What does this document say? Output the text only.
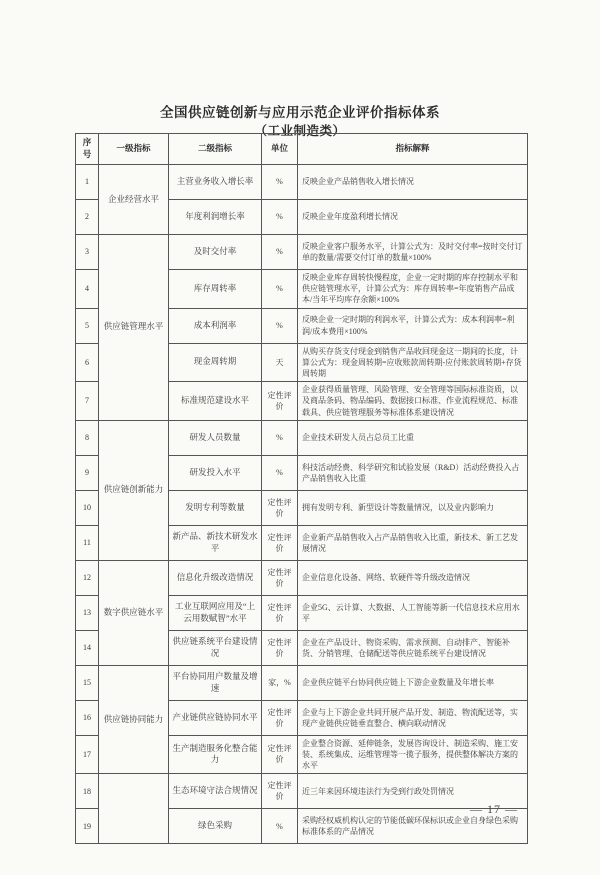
全国供应链创新与应用示范企业评价指标体系
（工业制造类）
序号	一级指标	二级指标	单位	指标解释
1	企业经营水平	主营业务收入增长率	%	反映企业产品销售收入增长情况
2		年度利润增长率	%	反映企业年度盈利增长情况
3	供应链管理水平	及时交付率	%	反映企业客户服务水平，计算公式为：及时交付率=按时交付订单的数量/需要交付订单的数量×100%
4		库存周转率	%	反映企业库存周转快慢程度，企业一定时期的库存控制水平和供应链管理水平，计算公式为：库存周转率=年度销售产品成本/当年平均库存余额×100%
5		成本利润率	%	反映企业一定时期的利润水平，计算公式为：成本利润率=利润/成本费用×100%
6		现金周转期	天	从购买存货支付现金到销售产品收回现金这一期间的长度，计算公式为：现金周转期=应收账款周转期-应付账款周转期+存货周转期
7		标准规范建设水平	定性评价	企业获得质量管理、风险管理、安全管理等国际标准资质，以及商品条码、物品编码、数据接口标准、作业流程规范、标准载具、供应链管理服务等标准体系建设情况
8	供应链创新能力	研发人员数量	%	企业技术研发人员占总员工比重
9		研发投入水平	%	科技活动经费、科学研究和试验发展（R&D）活动经费投入占产品销售收入比重
10		发明专利等数量	定性评价	拥有发明专利、新型设计等数量情况，以及业内影响力
11		新产品、新技术研发水平	定性评价	企业新产品销售收入占产品销售收入比重，新技术、新工艺发展情况
12	数字供应链水平	信息化升级改造情况	定性评价	企业信息化设备、网络、软硬件等升级改造情况
13		工业互联网应用及“上云用数赋智”水平	定性评价	企业5G、云计算、大数据、人工智能等新一代信息技术应用水平
14		供应链系统平台建设情况	定性评价	企业在产品设计、物资采购、需求预测、自动排产、智能补货、分销管理、仓储配送等供应链系统平台建设情况
15	供应链协同能力	平台协同用户数量及增速	家，%	企业供应链平台协同供应链上下游企业数量及年增长率
16		产业链供应链协同水平	定性评价	企业与上下游企业共同开展产品开发、制造、物流配送等，实现产业链供应链垂直整合、横向联动情况
17		生产制造服务化整合能力	定性评价	企业整合资源、延伸链条，发展咨询设计、制造采购、施工安装、系统集成、运维管理等一揽子服务，提供整体解决方案的水平
18		生态环境守法合规情况	定性评价	近三年来因环境违法行为受到行政处罚情况
19		绿色采购	%	采购经权威机构认定的节能低碳环保标识或企业自身绿色采购标准体系的产品情况
— 17 —
